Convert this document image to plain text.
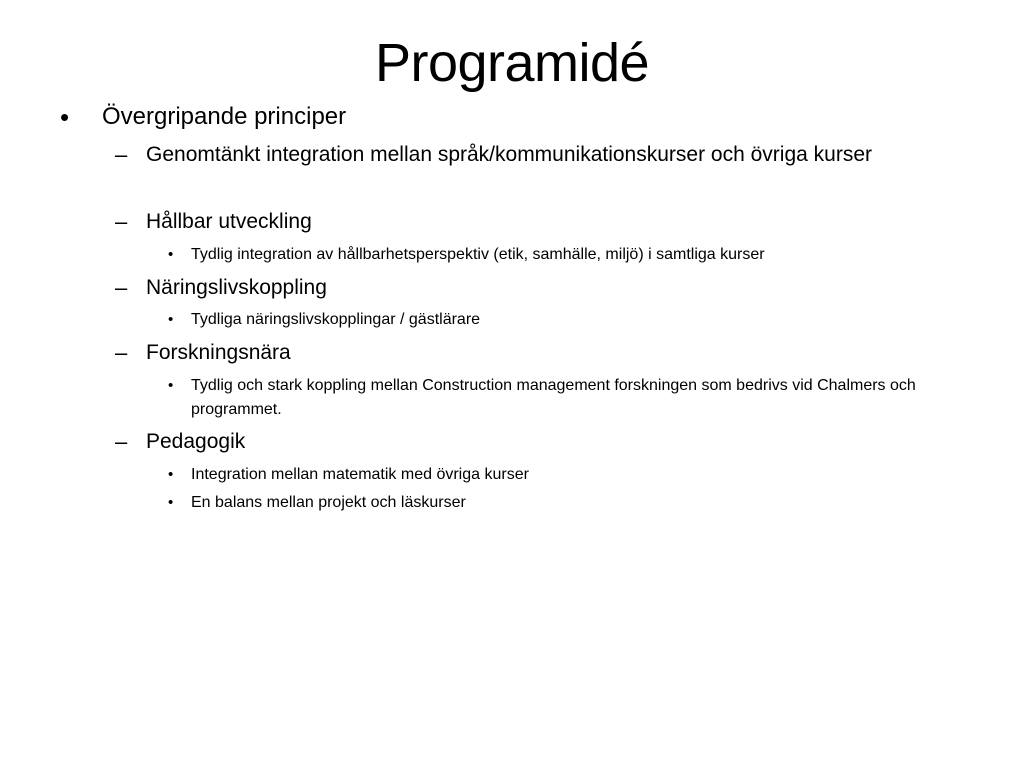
Programidé
• Övergripande principer
– Genomtänkt integration mellan språk/kommunikationskurser och övriga kurser
– Hållbar utveckling
• Tydlig integration av hållbarhetsperspektiv (etik, samhälle, miljö) i samtliga kurser
– Näringslivskoppling
• Tydliga näringslivskopplingar / gästlärare
– Forskningsnära
• Tydlig och stark koppling mellan Construction management forskningen som bedrivs vid Chalmers och programmet.
– Pedagogik
• Integration mellan matematik med övriga kurser
• En balans mellan projekt och läskurser
